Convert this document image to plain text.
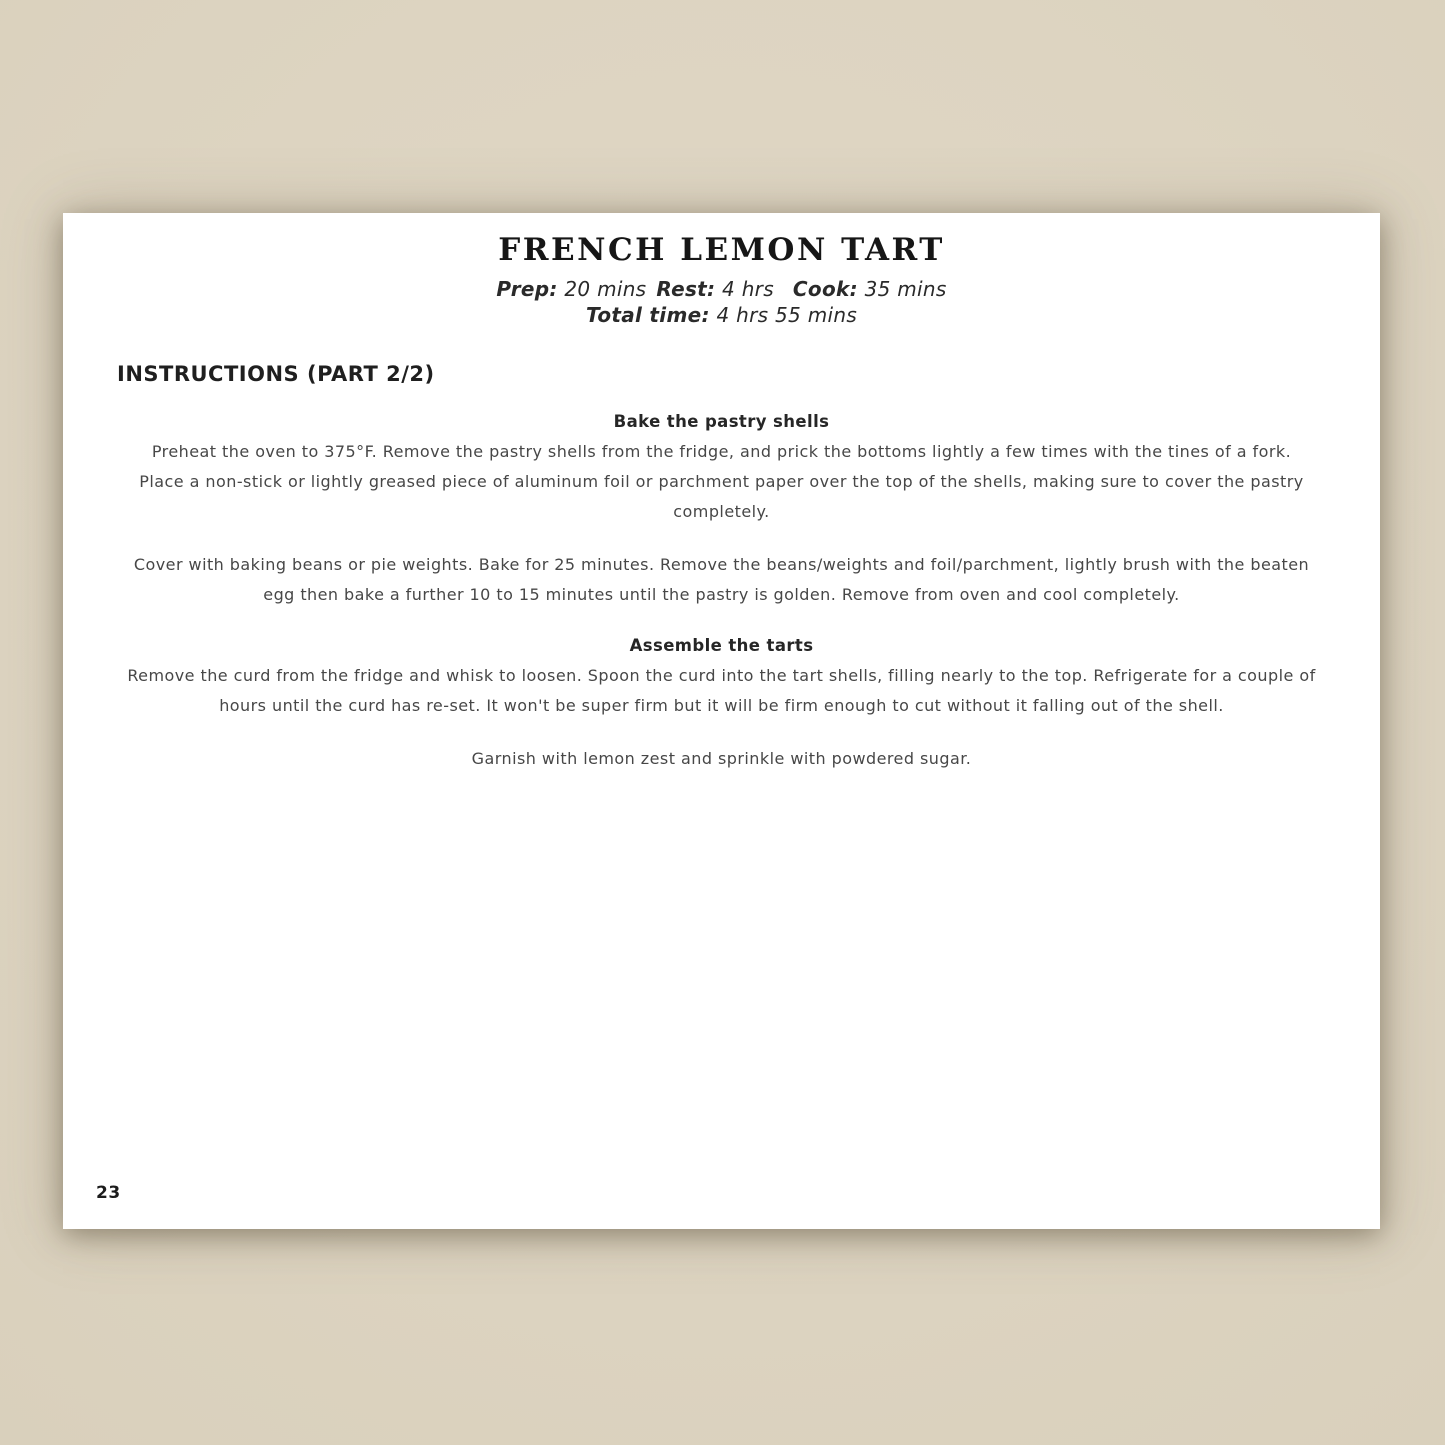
FRENCH LEMON TART
Prep: 20 mins Rest: 4 hrs Cook: 35 mins
Total time: 4 hrs 55 mins
INSTRUCTIONS (PART 2/2)
Bake the pastry shells

Preheat the oven to 375°F. Remove the pastry shells from the fridge, and prick the bottoms lightly a few times with the tines of a fork. Place a non-stick or lightly greased piece of aluminum foil or parchment paper over the top of the shells, making sure to cover the pastry completely.

Cover with baking beans or pie weights. Bake for 25 minutes. Remove the beans/weights and foil/parchment, lightly brush with the beaten egg then bake a further 10 to 15 minutes until the pastry is golden. Remove from oven and cool completely.

Assemble the tarts

Remove the curd from the fridge and whisk to loosen. Spoon the curd into the tart shells, filling nearly to the top. Refrigerate for a couple of hours until the curd has re-set. It won't be super firm but it will be firm enough to cut without it falling out of the shell.

Garnish with lemon zest and sprinkle with powdered sugar.

23
